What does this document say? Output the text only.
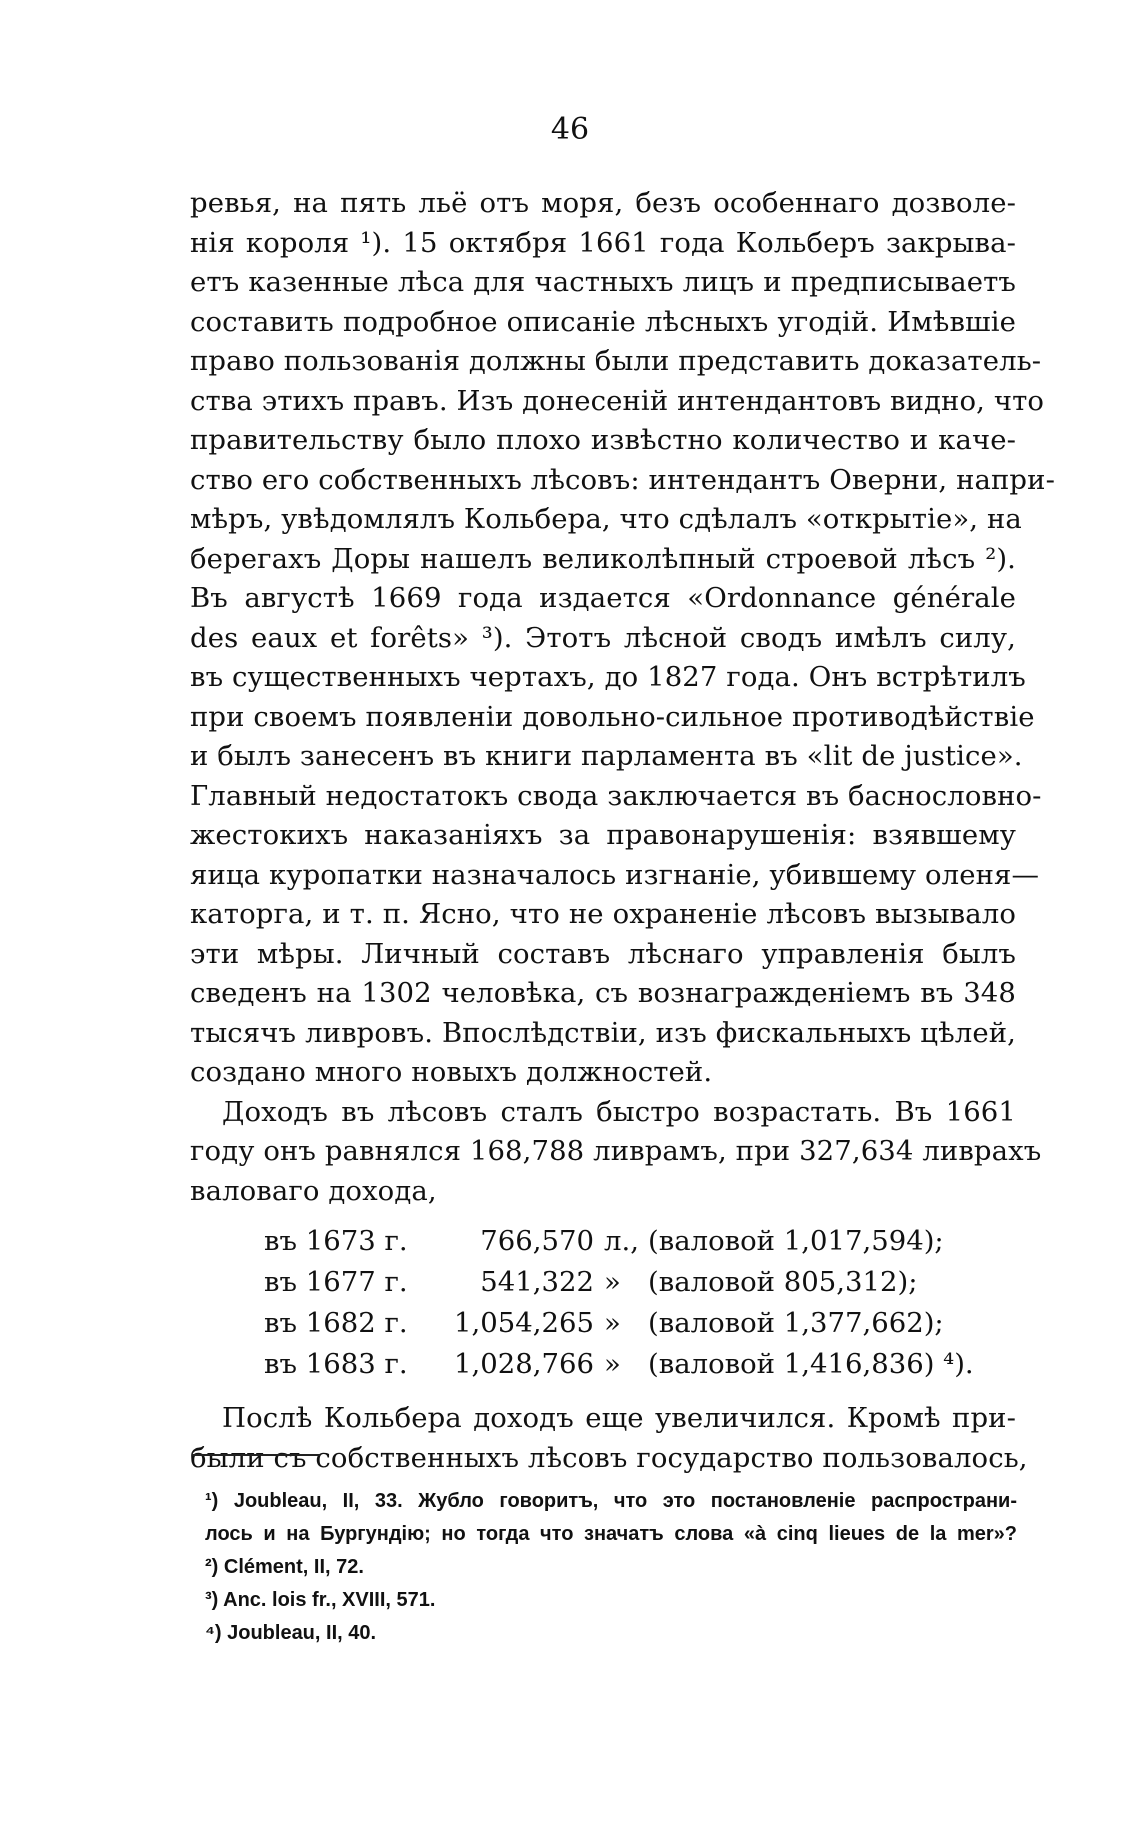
46
ревья, на пять льё отъ моря, безъ особеннаго дозволе-
нія короля ¹). 15 октября 1661 года Кольберъ закрыва-
етъ казенные лѣса для частныхъ лицъ и предписываетъ
составить подробное описаніе лѣсныхъ угодій. Имѣвшіе
право пользованія должны были представить доказатель-
ства этихъ правъ. Изъ донесеній интендантовъ видно, что
правительству было плохо извѣстно количество и каче-
ство его собственныхъ лѣсовъ: интендантъ Оверни, напри-
мѣръ, увѣдомлялъ Кольбера, что сдѣлалъ «открытіе», на
берегахъ Доры нашелъ великолѣпный строевой лѣсъ ²).
Въ августѣ 1669 года издается «Ordonnance générale
des eaux et forêts» ³). Этотъ лѣсной сводъ имѣлъ силу,
въ существенныхъ чертахъ, до 1827 года. Онъ встрѣтилъ
при своемъ появленіи довольно-сильное противодѣйствіе
и былъ занесенъ въ книги парламента въ «lit de justice».
Главный недостатокъ свода заключается въ баснословно-
жестокихъ наказаніяхъ за правонарушенія: взявшему
яица куропатки назначалось изгнаніе, убившему оленя—
каторга, и т. п. Ясно, что не охраненіе лѣсовъ вызывало
эти мѣры. Личный составъ лѣснаго управленія былъ
сведенъ на 1302 человѣка, съ вознагражденіемъ въ 348
тысячъ ливровъ. Впослѣдствіи, изъ фискальныхъ цѣлей,
создано много новыхъ должностей.
Доходъ въ лѣсовъ сталъ быстро возрастать. Въ 1661
году онъ равнялся 168,788 ливрамъ, при 327,634 ливрахъ
валоваго дохода,
въ 1673 г.	766,570 л., (валовой 1,017,594);
въ 1677 г.	541,322 » (валовой 805,312);
въ 1682 г.	1,054,265 » (валовой 1,377,662);
въ 1683 г.	1,028,766 » (валовой 1,416,836) ⁴).
Послѣ Кольбера доходъ еще увеличился. Кромѣ при-
были съ собственныхъ лѣсовъ государство пользовалось,
¹) Joubleau, II, 33. Жубло говоритъ, что это постановленіе распространи-
лось и на Бургундію; но тогда что значатъ слова «à cinq lieues de la mer»?
²) Clément, II, 72.
³) Anc. lois fr., XVIII, 571.
⁴) Joubleau, II, 40.
